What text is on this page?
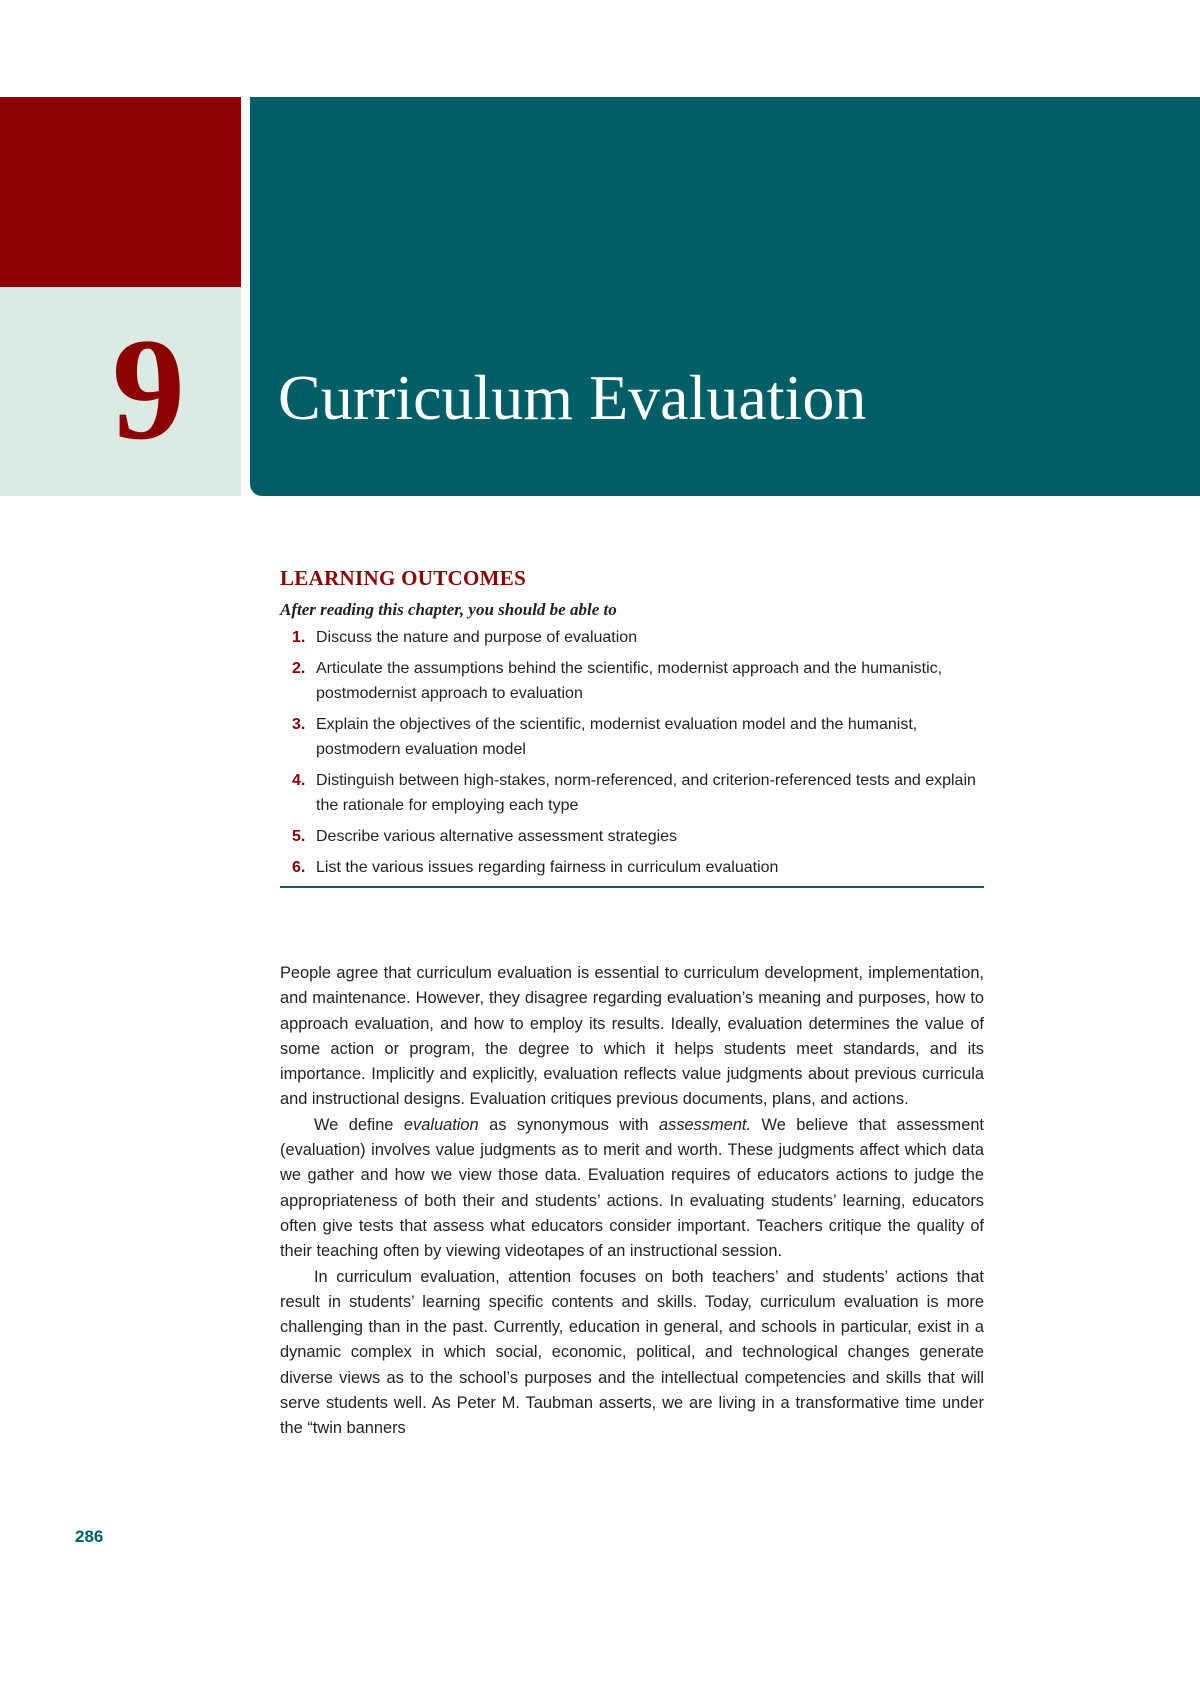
9 Curriculum Evaluation
LEARNING OUTCOMES

After reading this chapter, you should be able to

1. Discuss the nature and purpose of evaluation
2. Articulate the assumptions behind the scientific, modernist approach and the humanistic, postmodernist approach to evaluation
3. Explain the objectives of the scientific, modernist evaluation model and the humanist, postmodern evaluation model
4. Distinguish between high-stakes, norm-referenced, and criterion-referenced tests and explain the rationale for employing each type
5. Describe various alternative assessment strategies
6. List the various issues regarding fairness in curriculum evaluation

People agree that curriculum evaluation is essential to curriculum development, implementation, and maintenance. However, they disagree regarding evaluation’s meaning and purposes, how to approach evaluation, and how to employ its results. Ideally, evaluation determines the value of some action or program, the degree to which it helps students meet standards, and its importance. Implicitly and explicitly, evaluation reflects value judgments about previous curricula and instructional designs. Evaluation critiques previous documents, plans, and actions.

We define evaluation as synonymous with assessment. We believe that assessment (evaluation) involves value judgments as to merit and worth. These judgments affect which data we gather and how we view those data. Evaluation requires of educators actions to judge the appropriateness of both their and students’ actions. In evaluating students’ learning, educators often give tests that assess what educators consider important. Teachers critique the quality of their teaching often by viewing videotapes of an instructional session.

In curriculum evaluation, attention focuses on both teachers’ and students’ actions that result in students’ learning specific contents and skills. Today, curriculum evaluation is more challenging than in the past. Currently, education in general, and schools in particular, exist in a dynamic complex in which social, economic, political, and technological changes generate diverse views as to the school’s purposes and the intellectual competencies and skills that will serve students well. As Peter M. Taubman asserts, we are living in a transformative time under the “twin banners

286
